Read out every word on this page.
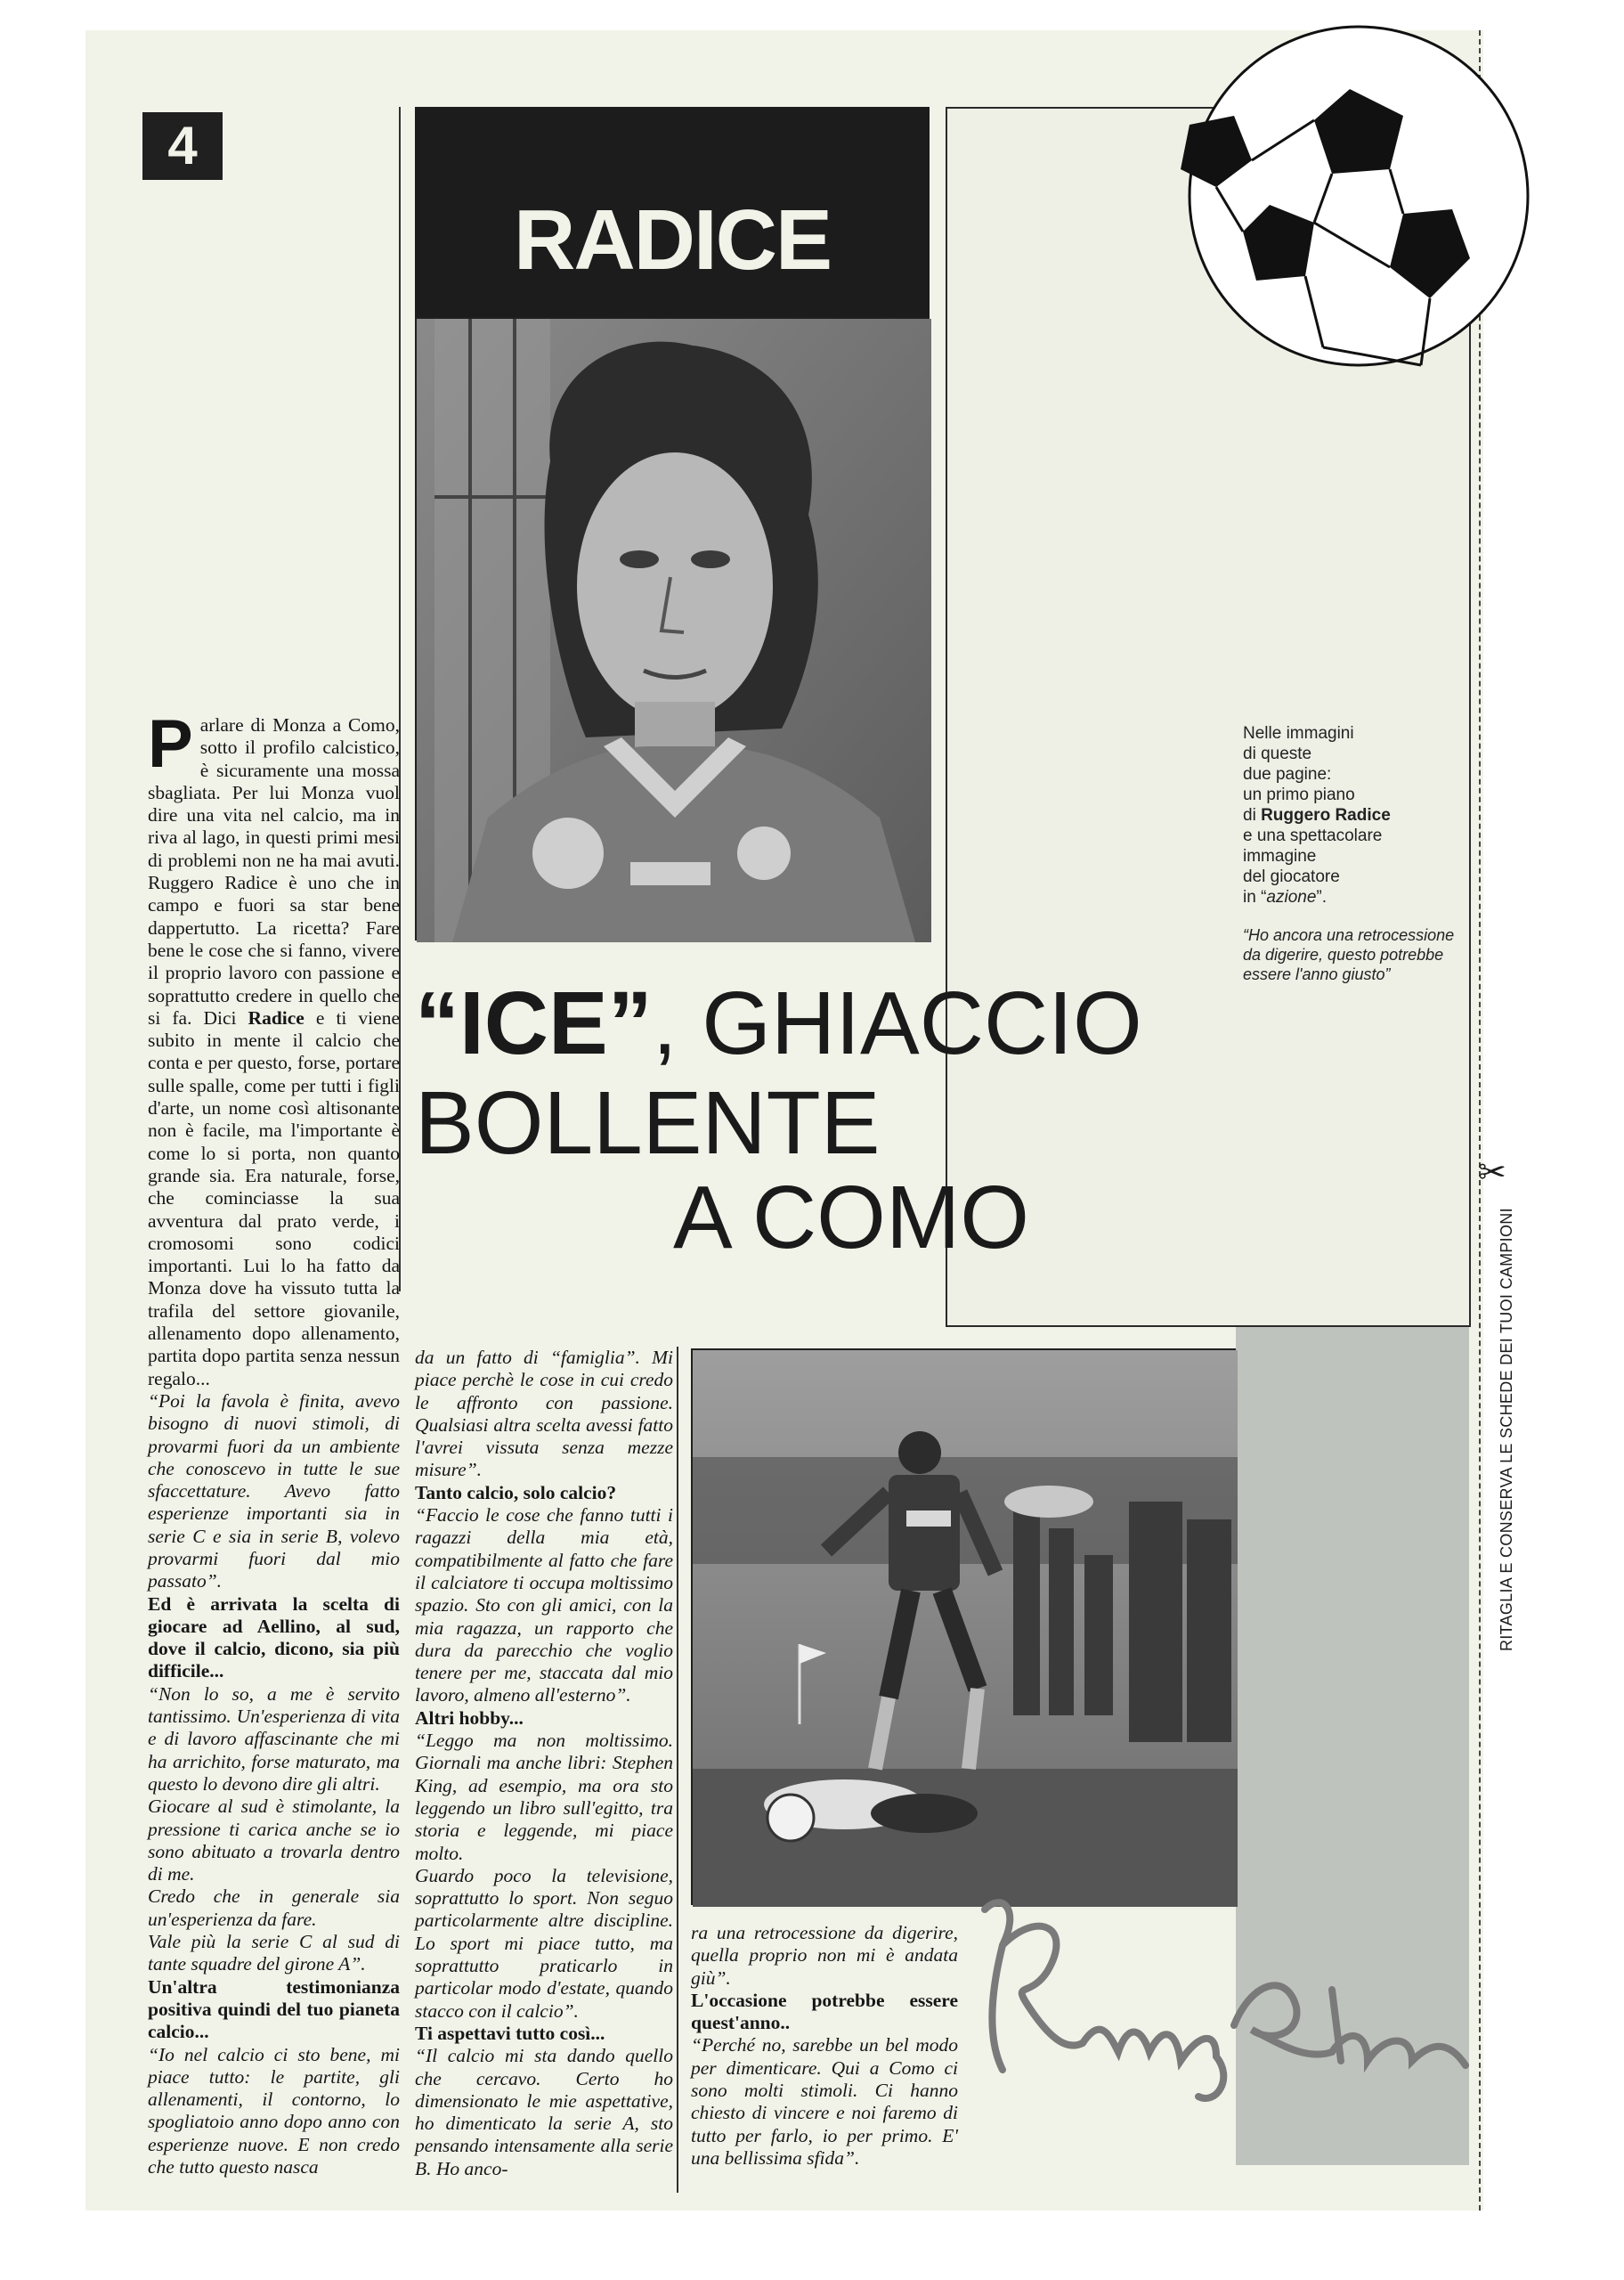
4
RADICE
Nelle immagini
di queste
due pagine:
un primo piano
di Ruggero Radice
e una spettacolare
immagine
del giocatore
in “azione”.
“Ho ancora una retrocessione da digerire, questo potrebbe essere l'anno giusto”
“ICE”, GHIACCIO
BOLLENTE
A COMO

Parlare di Monza a Como, sotto il profilo calcistico, è sicuramente una mossa sbagliata. Per lui Monza vuol dire una vita nel calcio, ma in riva al lago, in questi primi mesi di problemi non ne ha mai avuti. Ruggero Radice è uno che in campo e fuori sa star bene dappertutto. La ricetta? Fare bene le cose che si fanno, vivere il proprio lavoro con passione e soprattutto credere in quello che si fa. Dici Radice e ti viene subito in mente il calcio che conta e per questo, forse, portare sulle spalle, come per tutti i figli d'arte, un nome così altisonante non è facile, ma l'importante è come lo si porta, non quanto grande sia. Era naturale, forse, che cominciasse la sua avventura dal prato verde, i cromosomi sono codici importanti. Lui lo ha fatto da Monza dove ha vissuto tutta la trafila del settore giovanile, allenamento dopo allenamento, partita dopo partita senza nessun regalo...

“Poi la favola è finita, avevo bisogno di nuovi stimoli, di provarmi fuori da un ambiente che conoscevo in tutte le sue sfaccettature. Avevo fatto esperienze importanti sia in serie C e sia in serie B, volevo provarmi fuori dal mio passato”.

Ed è arrivata la scelta di giocare ad Aellino, al sud, dove il calcio, dicono, sia più difficile...

“Non lo so, a me è servito tantissimo. Un'esperienza di vita e di lavoro affascinante che mi ha arrichito, forse maturato, ma questo lo devono dire gli altri.

Giocare al sud è stimolante, la pressione ti carica anche se io sono abituato a trovarla dentro di me.

Credo che in generale sia un'esperienza da fare.

Vale più la serie C al sud di tante squadre del girone A”.

Un'altra testimonianza positiva quindi del tuo pianeta calcio...

“Io nel calcio ci sto bene, mi piace tutto: le partite, gli allenamenti, il contorno, lo spogliatoio anno dopo anno con esperienze nuove. E non credo che tutto questo nasca

da un fatto di “famiglia”. Mi piace perchè le cose in cui credo le affronto con passione. Qualsiasi altra scelta avessi fatto l'avrei vissuta senza mezze misure”.

Tanto calcio, solo calcio?

“Faccio le cose che fanno tutti i ragazzi della mia età, compatibilmente al fatto che fare il calciatore ti occupa moltissimo spazio. Sto con gli amici, con la mia ragazza, un rapporto che dura da parecchio che voglio tenere per me, staccata dal mio lavoro, almeno all'esterno”.

Altri hobby...

“Leggo ma non moltissimo. Giornali ma anche libri: Stephen King, ad esempio, ma ora sto leggendo un libro sull'egitto, tra storia e leggende, mi piace molto.

Guardo poco la televisione, soprattutto lo sport. Non seguo particolarmente altre discipline. Lo sport mi piace tutto, ma soprattutto praticarlo in particolar modo d'estate, quando stacco con il calcio”.

Ti aspettavi tutto così...

“Il calcio mi sta dando quello che cercavo. Certo ho dimensionato le mie aspettative, ho dimenticato la serie A, sto pensando intensamente alla serie B. Ho anco-

ra una retrocessione da digerire, quella proprio non mi è andata giù”.

L'occasione potrebbe essere quest'anno..

“Perché no, sarebbe un bel modo per dimenticare. Qui a Como ci sono molti stimoli. Ci hanno chiesto di vincere e noi faremo di tutto per farlo, io per primo. E' una bellissima sfida”.

✂
RITAGLIA E CONSERVA LE SCHEDE DEI TUOI CAMPIONI
